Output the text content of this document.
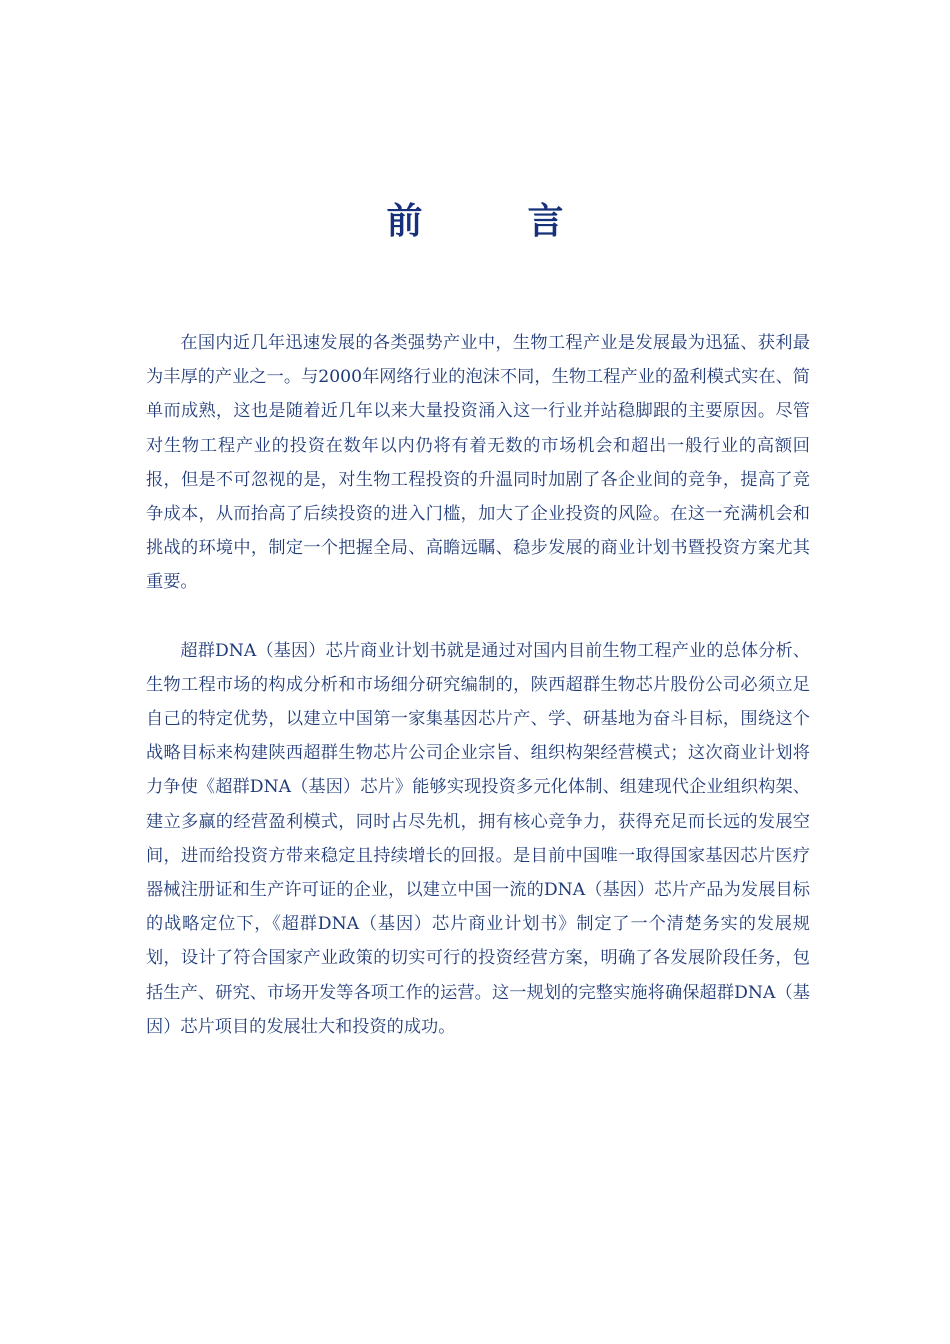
前	言

在国内近几年迅速发展的各类强势产业中，生物工程产业是发展最为迅猛、获利最为丰厚的产业之一。与2000年网络行业的泡沫不同，生物工程产业的盈利模式实在、简单而成熟，这也是随着近几年以来大量投资涌入这一行业并站稳脚跟的主要原因。尽管对生物工程产业的投资在数年以内仍将有着无数的市场机会和超出一般行业的高额回报，但是不可忽视的是，对生物工程投资的升温同时加剧了各企业间的竞争，提高了竞争成本，从而抬高了后续投资的进入门槛，加大了企业投资的风险。在这一充满机会和挑战的环境中，制定一个把握全局、高瞻远瞩、稳步发展的商业计划书暨投资方案尤其重要。

超群DNA（基因）芯片商业计划书就是通过对国内目前生物工程产业的总体分析、生物工程市场的构成分析和市场细分研究编制的，陕西超群生物芯片股份公司必须立足自己的特定优势，以建立中国第一家集基因芯片产、学、研基地为奋斗目标，围绕这个战略目标来构建陕西超群生物芯片公司企业宗旨、组织构架经营模式；这次商业计划将力争使《超群DNA（基因）芯片》能够实现投资多元化体制、组建现代企业组织构架、建立多赢的经营盈利模式，同时占尽先机，拥有核心竞争力，获得充足而长远的发展空间，进而给投资方带来稳定且持续增长的回报。是目前中国唯一取得国家基因芯片医疗器械注册证和生产许可证的企业，以建立中国一流的DNA（基因）芯片产品为发展目标的战略定位下，《超群DNA（基因）芯片商业计划书》制定了一个清楚务实的发展规划，设计了符合国家产业政策的切实可行的投资经营方案，明确了各发展阶段任务，包括生产、研究、市场开发等各项工作的运营。这一规划的完整实施将确保超群DNA（基因）芯片项目的发展壮大和投资的成功。
